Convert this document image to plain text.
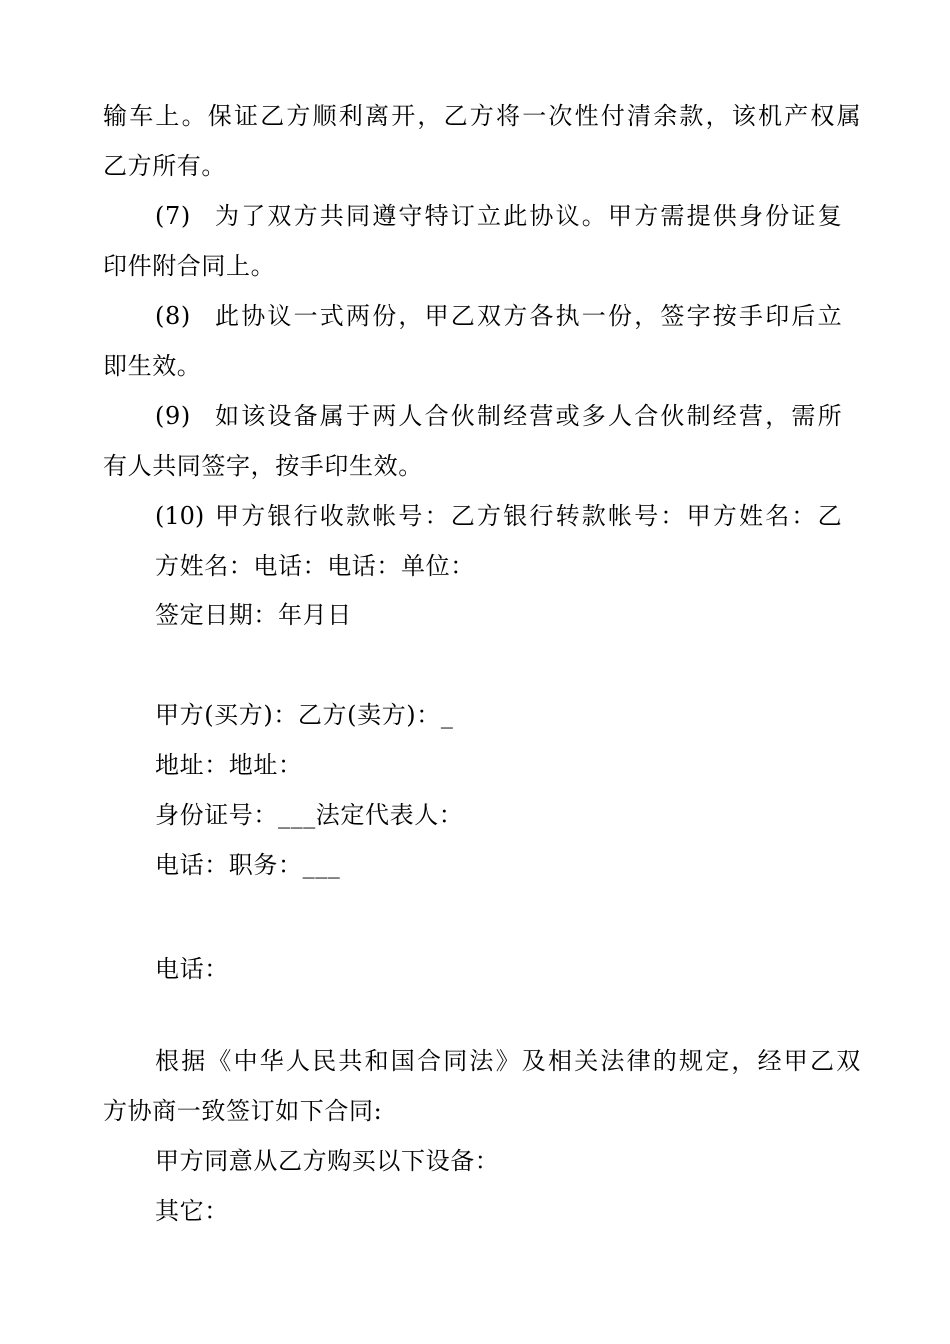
输车上。保证乙方顺利离开，乙方将一次性付清余款，该机产权属
乙方所有。
(7) 为了双方共同遵守特订立此协议。甲方需提供身份证复
印件附合同上。
(8) 此协议一式两份，甲乙双方各执一份，签字按手印后立
即生效。
(9) 如该设备属于两人合伙制经营或多人合伙制经营，需所
有人共同签字，按手印生效。
(10) 甲方银行收款帐号：乙方银行转款帐号：甲方姓名：乙
方姓名：电话：电话：单位：
签定日期：年月日
甲方(买方)：乙方(卖方)：_
地址：地址：
身份证号：___法定代表人：
电话：职务：___
电话：
根据《中华人民共和国合同法》及相关法律的规定，经甲乙双
方协商一致签订如下合同:
甲方同意从乙方购买以下设备：
其它：
